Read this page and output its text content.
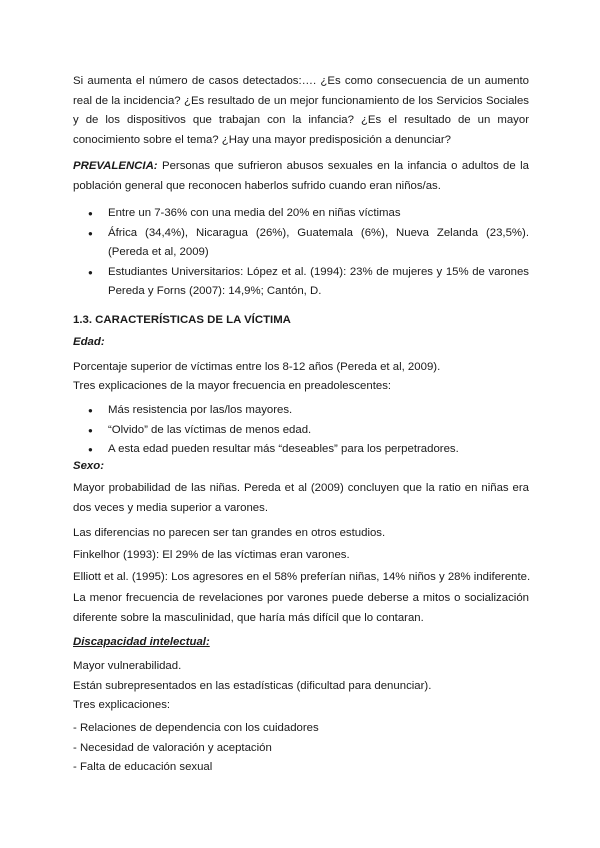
Si aumenta el número de casos detectados:…. ¿Es como consecuencia de un aumento real de la incidencia? ¿Es resultado de un mejor funcionamiento de los Servicios Sociales y de los dispositivos que trabajan con la infancia? ¿Es el resultado de un mayor conocimiento sobre el tema? ¿Hay una mayor predisposición a denunciar?

PREVALENCIA: Personas que sufrieron abusos sexuales en la infancia o adultos de la población general que reconocen haberlos sufrido cuando eran niños/as.

● Entre un 7-36% con una media del 20% en niñas víctimas
● África (34,4%), Nicaragua (26%), Guatemala (6%), Nueva Zelanda (23,5%). (Pereda et al, 2009)
● Estudiantes Universitarios: López et al. (1994): 23% de mujeres y 15% de varones Pereda y Forns (2007): 14,9%; Cantón, D.

1.3. CARACTERÍSTICAS DE LA VÍCTIMA

Edad:

Porcentaje superior de víctimas entre los 8-12 años (Pereda et al, 2009).

Tres explicaciones de la mayor frecuencia en preadolescentes:

● Más resistencia por las/los mayores.
● “Olvido” de las víctimas de menos edad.
● A esta edad pueden resultar más “deseables” para los perpetradores.

Sexo:

Mayor probabilidad de las niñas. Pereda et al (2009) concluyen que la ratio en niñas era dos veces y media superior a varones.

Las diferencias no parecen ser tan grandes en otros estudios.

Finkelhor (1993): El 29% de las víctimas eran varones.

Elliott et al. (1995): Los agresores en el 58% preferían niñas, 14% niños y 28% indiferente.

La menor frecuencia de revelaciones por varones puede deberse a mitos o socialización diferente sobre la masculinidad, que haría más difícil que lo contaran.

Discapacidad intelectual:

Mayor vulnerabilidad.

Están subrepresentados en las estadísticas (dificultad para denunciar).

Tres explicaciones:

- Relaciones de dependencia con los cuidadores

- Necesidad de valoración y aceptación

- Falta de educación sexual
